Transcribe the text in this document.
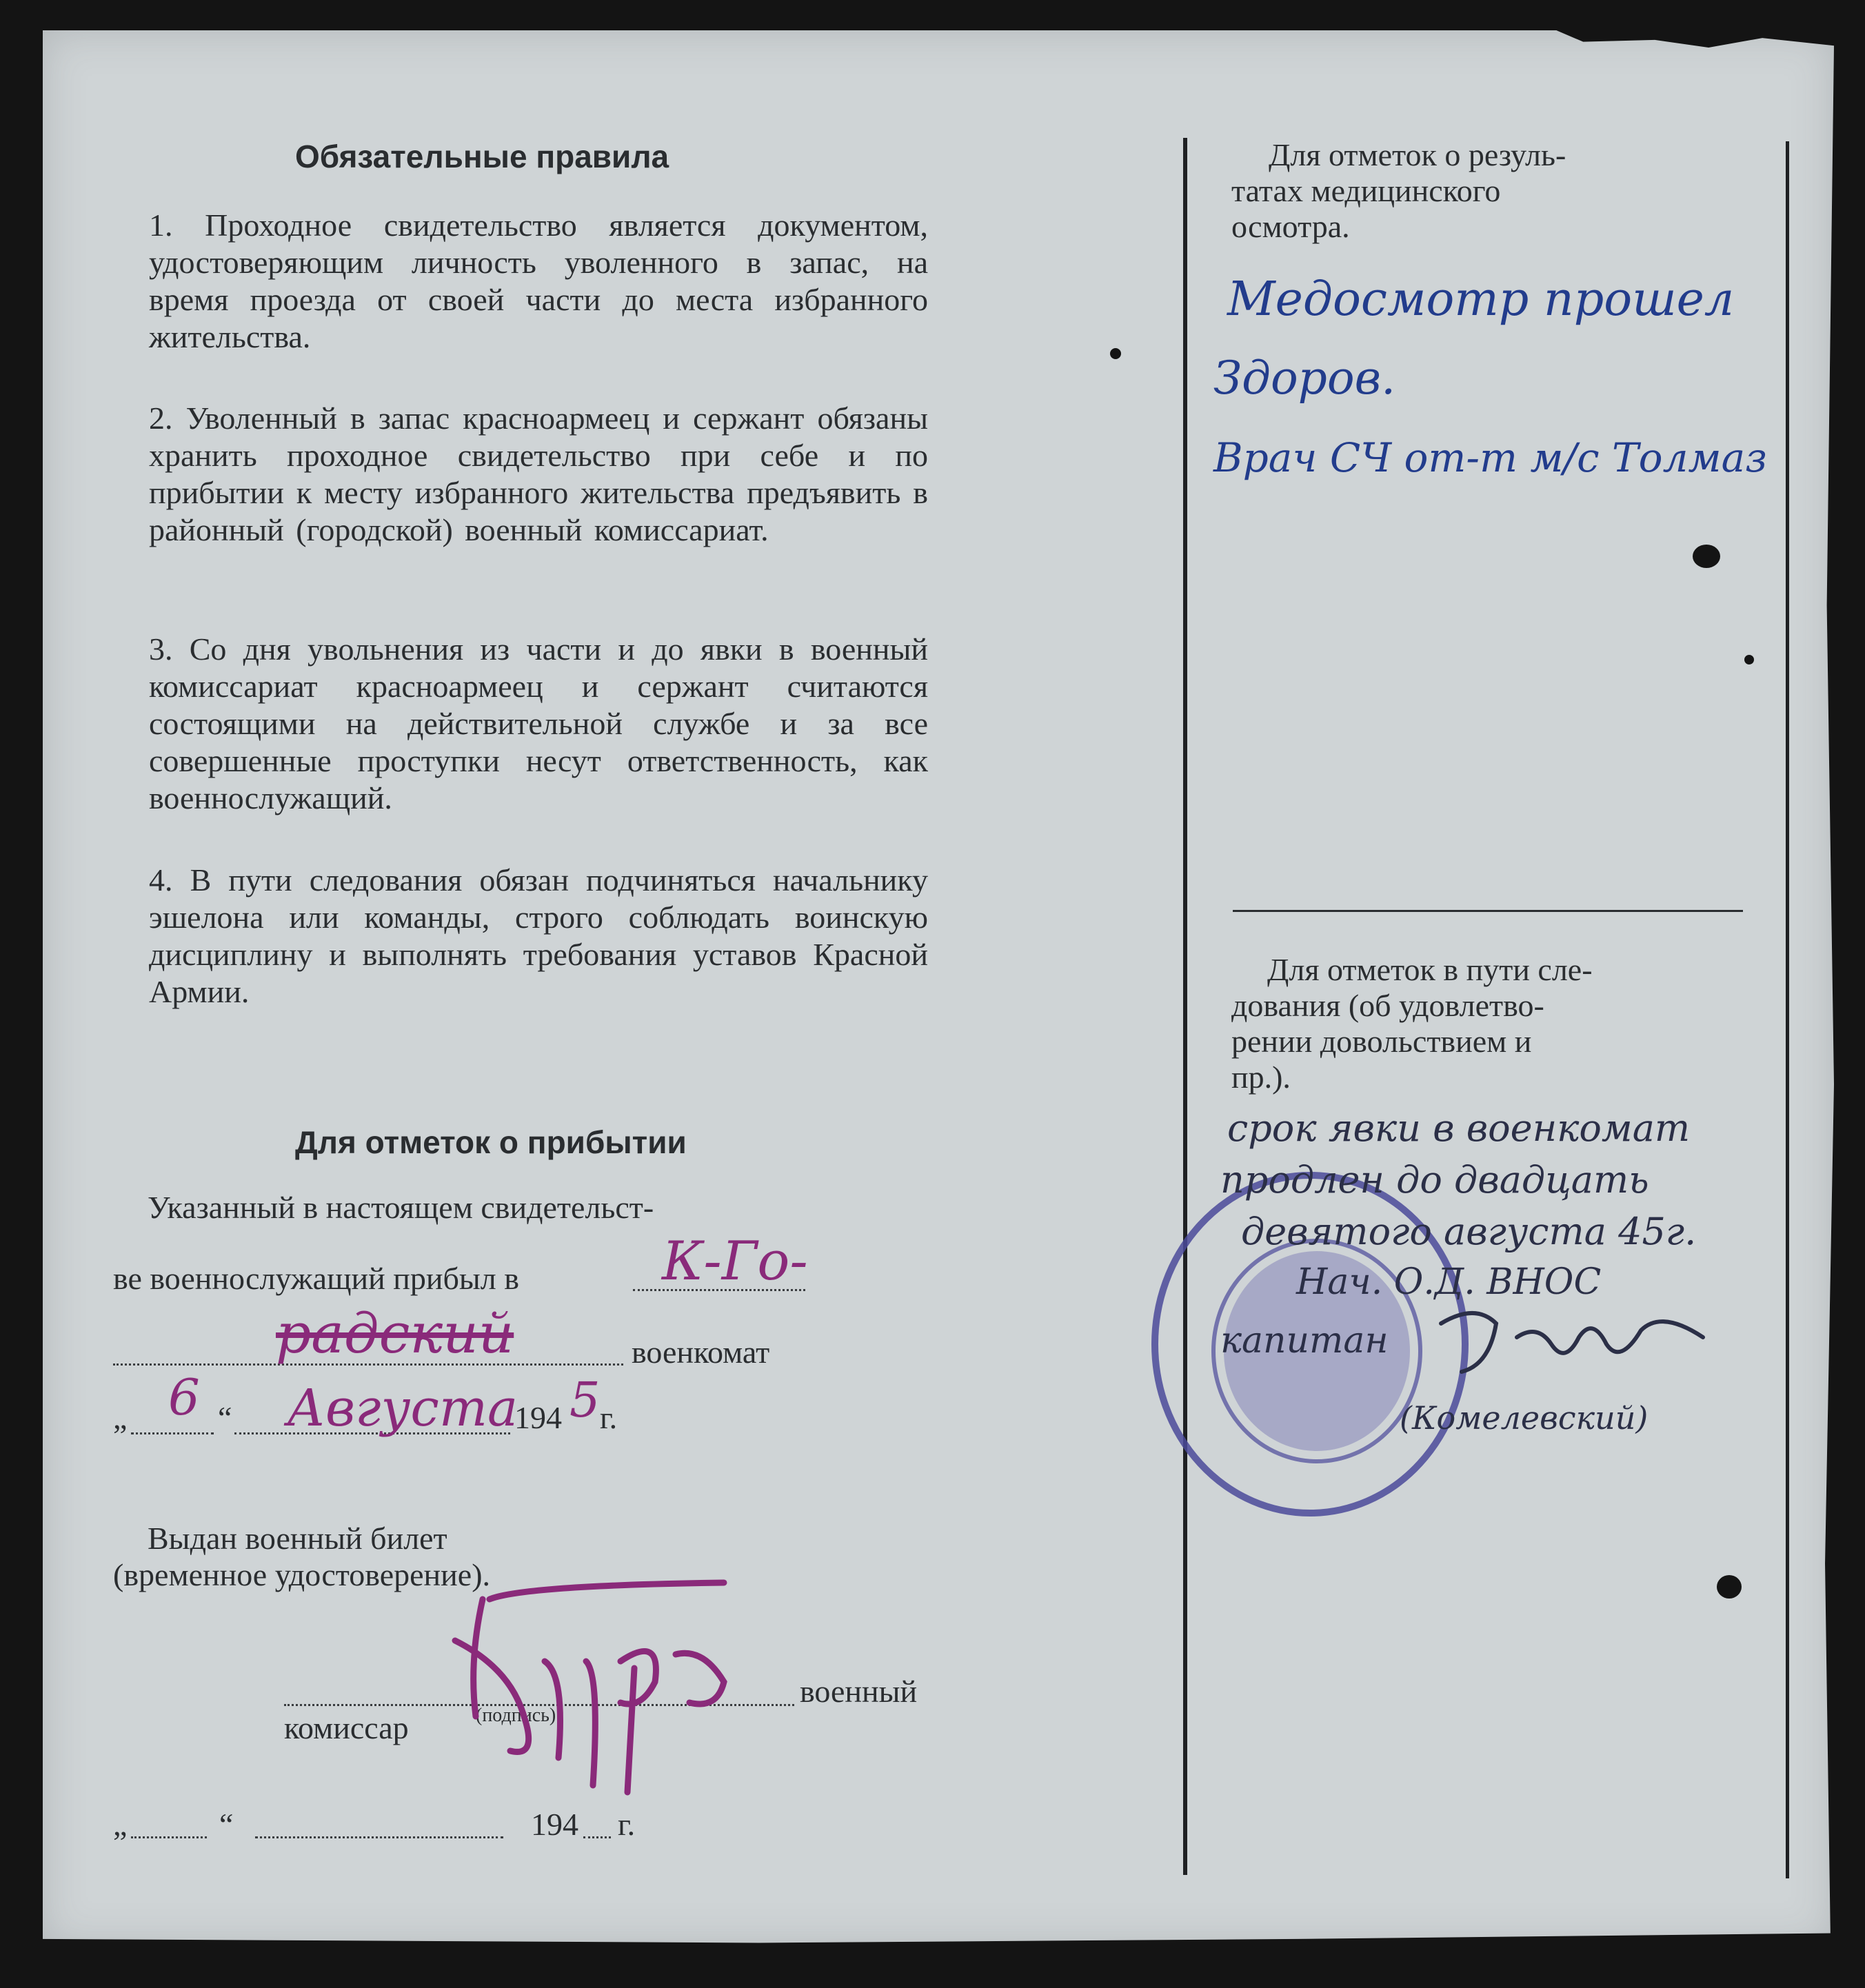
Обязательные правила
1. Проходное свидетельство является документом, удостоверяющим личность уволенного в запас, на время проезда от своей части до места избранного жительства.
2. Уволенный в запас красноармеец и сержант обязаны хранить проходное свидетельство при себе и по прибытии к месту избранного жительства предъявить в районный (городской) военный комиссариат.
3. Со дня увольнения из части и до явки в военный комиссариат красноармеец и сержант считаются состоящими на действительной службе и за все совершенные проступки несут ответственность, как военнослужащий.
4. В пути следования обязан подчиняться начальнику эшелона или команды, строго соблюдать воинскую дисциплину и выполнять требования уставов Красной Армии.
Для отметок о прибытии
Указанный в настоящем свидетельст-
ве военнослужащий прибыл в	К-Го-
радский	военкомат
„ 6 “ Августа
194 5 г.
Выдан военный билет
(временное удостоверение).
военный
комиссар	(подпись)
„	“	194 г.
Для отметок о резуль-
татах медицинского
осмотра.
Медосмотр прошел
Здоров.
Врач СЧ от-т м/с Толмаз
Для отметок в пути сле-
дования (об удовлетво-
рении довольствием и
пр.).
срок явки в военкомат
продлен до двадцать
девятого августа 45г.
Нач. О.Д. ВНОС
капитан
(Комелевский)
